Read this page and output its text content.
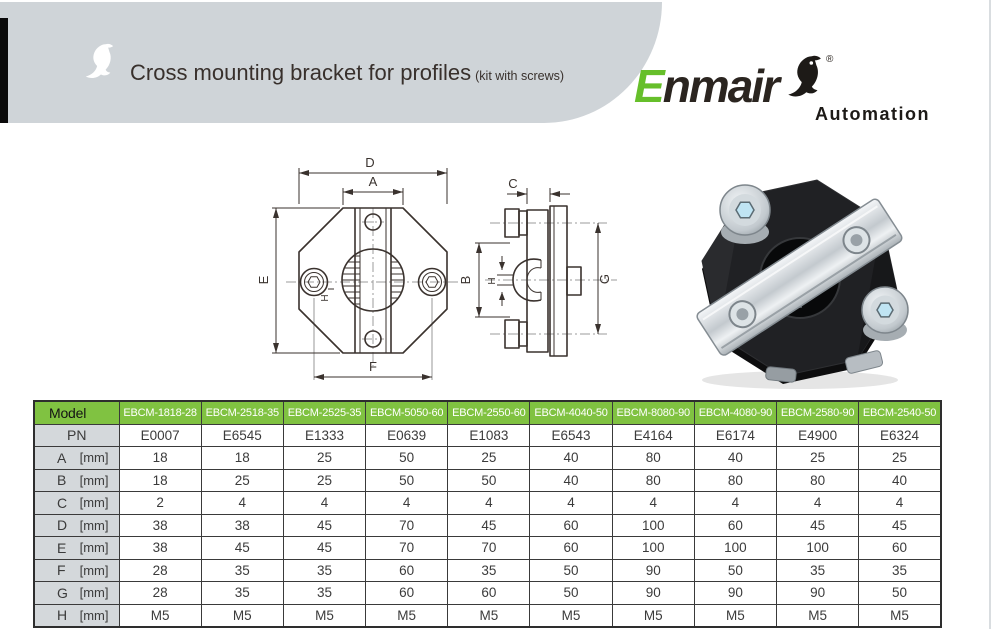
Cross mounting bracket for profiles (kit with screws) Enmair
®
Automation
D
A
E
F
H
C
B H	G
Model	EBCM-1818-28	EBCM-2518-35	EBCM-2525-35	EBCM-5050-60	EBCM-2550-60	EBCM-4040-50	EBCM-8080-90	EBCM-4080-90	EBCM-2580-90	EBCM-2540-50
PN	E0007	E6545	E1333	E0639	E1083	E6543	E4164	E6174	E4900	E6324

A [mm]	18	18	25	50	25	40	80	40	25	25

B [mm]	18	25	25	50	50	40	80	80	80	40

C [mm]	2	4	4	4	4	4	4	4	4	4

D [mm]	38	38	45	70	45	60	100	60	45	45

E [mm]	38	45	45	70	70	60	100	100	100	60

F [mm]	28	35	35	60	35	50	90	50	35	35

G [mm]	28	35	35	60	60	50	90	90	90	50

H [mm]	M5	M5	M5	M5	M5	M5	M5	M5	M5	M5
